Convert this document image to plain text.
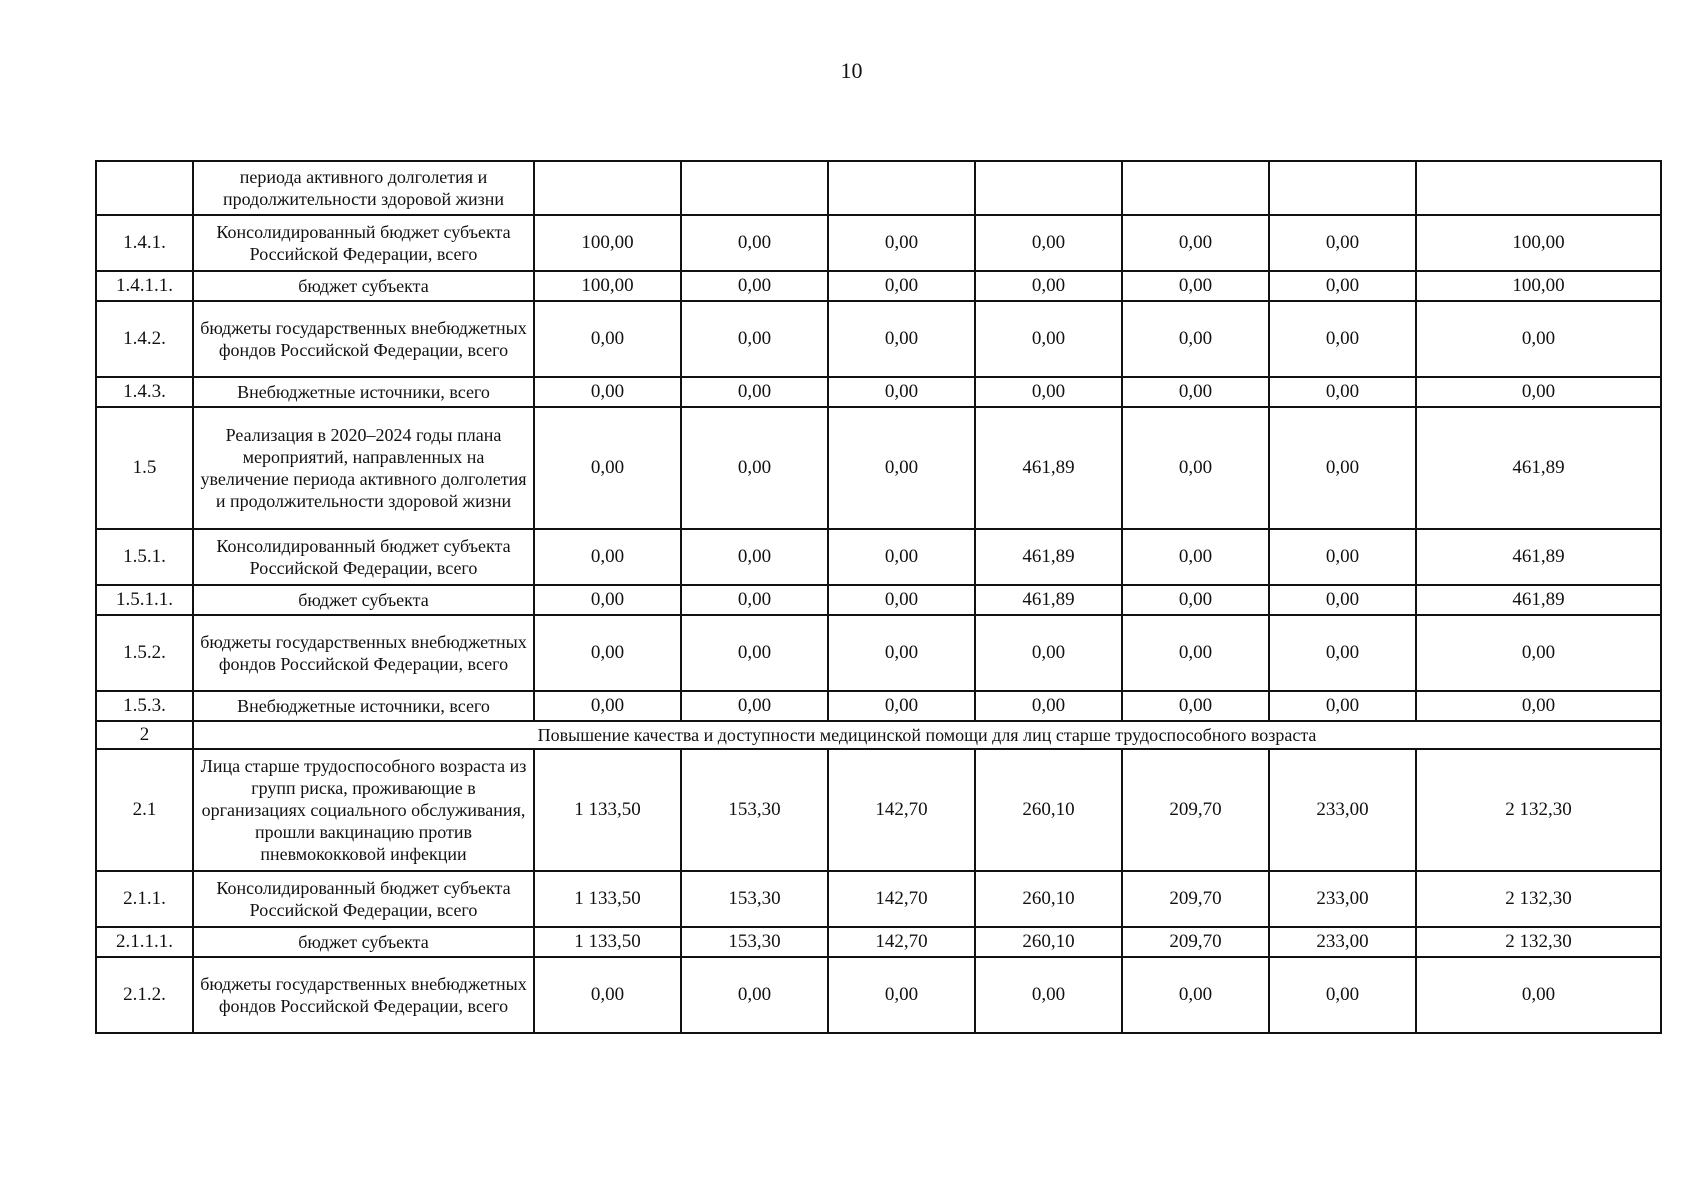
10
	периода активного долголетия и продолжительности здоровой жизни							
1.4.1.	Консолидированный бюджет субъекта Российской Федерации, всего	100,00	0,00	0,00	0,00	0,00	0,00	100,00
1.4.1.1.	бюджет субъекта	100,00	0,00	0,00	0,00	0,00	0,00	100,00
1.4.2.	бюджеты государственных внебюджетных фондов Российской Федерации, всего	0,00	0,00	0,00	0,00	0,00	0,00	0,00
1.4.3.	Внебюджетные источники, всего	0,00	0,00	0,00	0,00	0,00	0,00	0,00
1.5	Реализация в 2020–2024 годы плана мероприятий, направленных на увеличение периода активного долголетия и продолжительности здоровой жизни	0,00	0,00	0,00	461,89	0,00	0,00	461,89
1.5.1.	Консолидированный бюджет субъекта Российской Федерации, всего	0,00	0,00	0,00	461,89	0,00	0,00	461,89
1.5.1.1.	бюджет субъекта	0,00	0,00	0,00	461,89	0,00	0,00	461,89
1.5.2.	бюджеты государственных внебюджетных фондов Российской Федерации, всего	0,00	0,00	0,00	0,00	0,00	0,00	0,00
1.5.3.	Внебюджетные источники, всего	0,00	0,00	0,00	0,00	0,00	0,00	0,00
2	Повышение качества и доступности медицинской помощи для лиц старше трудоспособного возраста							
2.1	Лица старше трудоспособного возраста из групп риска, проживающие в организациях социального обслуживания, прошли вакцинацию против пневмококковой инфекции	1 133,50	153,30	142,70	260,10	209,70	233,00	2 132,30
2.1.1.	Консолидированный бюджет субъекта Российской Федерации, всего	1 133,50	153,30	142,70	260,10	209,70	233,00	2 132,30
2.1.1.1.	бюджет субъекта	1 133,50	153,30	142,70	260,10	209,70	233,00	2 132,30
2.1.2.	бюджеты государственных внебюджетных фондов Российской Федерации, всего	0,00	0,00	0,00	0,00	0,00	0,00	0,00
